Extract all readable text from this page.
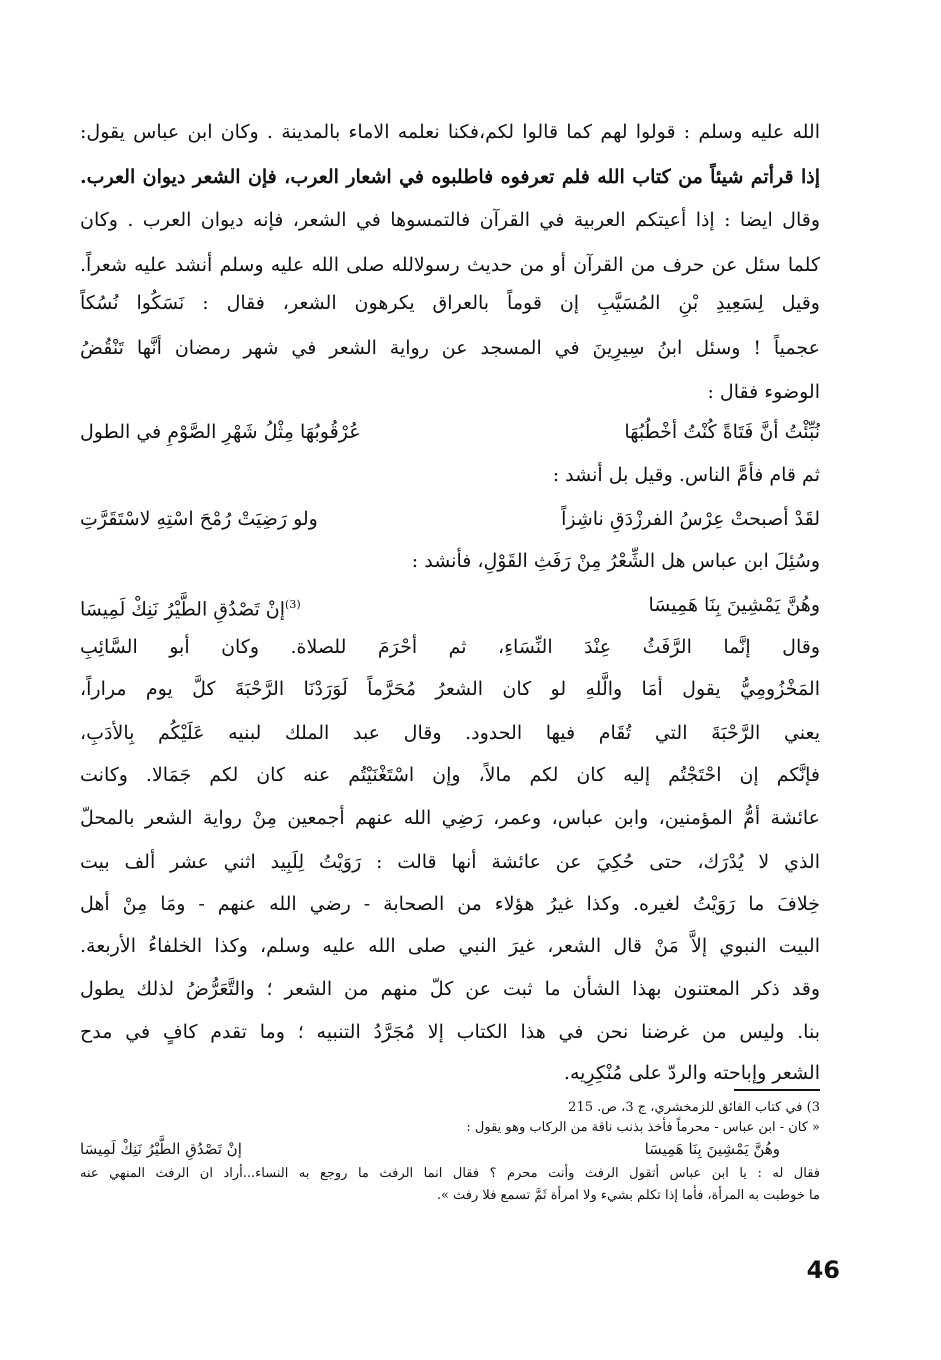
الله عليه وسلم : قولوا لهم كما قالوا لكم،فكنا نعلمه الاماء بالمدينة . وكان ابن عباس يقول:
إذا قرأتم شيئاً من كتاب الله فلم تعرفوه فاطلبوه في اشعار العرب، فإن الشعر ديوان العرب.
وقال ايضا : إذا أعيتكم العربية في القرآن فالتمسوها في الشعر، فإنه ديوان العرب . وكان
كلما سئل عن حرف من القرآن أو من حديث رسولالله صلى الله عليه وسلم أنشد عليه شعراً.
وقيل لِسَعِيدِ بْنِ المُسَيَّبِ إن قوماً بالعراق يكرهون الشعر، فقال : نَسَكُوا نُسُكاً
عجمياً ! وسئل ابنُ سِيرِينَ في المسجد عن رواية الشعر في شهر رمضان أنَّها تَنْقُضُ
الوضوء فقال :
نُبِّئْتُ أنَّ فَتَاةً كُنْتُ أخْطُبُهَا
عُرْقُوبُهَا مِثْلُ شَهْرِ الصَّوْمِ في الطول
ثم قام فأمَّ الناس. وقيل بل أنشد :
لقَدْ أصبحتْ عِرْسُ الفرزْدَقِ ناشِزاً
ولو رَضِيَتْ رُمْحَ اسْتِهِ لاسْتَقَرَّتِ
وسُئِلَ ابن عباس هل الشِّعْرُ مِنْ رَفَثِ القَوْلِ، فأنشد :
وهُنَّ يَمْشِينَ بِنَا هَمِيسَا
$^{(3)}$إنْ تَصْدُقِ الطَّيْرُ نَنِكْ لَمِيسَا
وقال إنَّما الرَّفَثُ عِنْدَ النِّسَاءِ، ثم أحْرَمَ للصلاة. وكان أبو السَّائِبِ
المَخْزُومِيُّ يقول أمَا والَّلهِ لو كان الشعرُ مُحَرَّماً لَوَرَدْنَا الرَّحْبَةَ كلَّ يوم مراراً،
يعني الرَّحْبَةَ التي تُقَام فيها الحدود. وقال عبد الملك لبنيه عَلَيْكُم بِالأدَبِ،
فإنَّكم إن احْتَجْتُم إليه كان لكم مالاً، وإن اسْتَغْنَيْتُم عنه كان لكم جَمَالا. وكانت
عائشة أمُّ المؤمنين، وابن عباس، وعمر، رَضِي الله عنهم أجمعين مِنْ رواية الشعر بالمحلّ
الذي لا يُدْرَك، حتى حُكِيَ عن عائشة أنها قالت : رَوَيْتُ لِلَبِيد اثني عشر ألف بيت
خِلافَ ما رَوَيْتُ لغيره. وكذا غيرُ هؤلاء من الصحابة - رضي الله عنهم - ومَا مِنْ أهل
البيت النبوي إلاَّ مَنْ قال الشعر، غيرَ النبي صلى الله عليه وسلم، وكذا الخلفاءُ الأربعة.
وقد ذكر المعتنون بهذا الشأن ما ثبت عن كلّ منهم من الشعر ؛ والتَّعَرُّضُ لذلك يطول
بنا. وليس من غرضنا نحن في هذا الكتاب إلا مُجَرَّدُ التنبيه ؛ وما تقدم كافٍ في مدح
الشعر وإباحته والردّ على مُنْكِرِيه.
3) في كتاب الفائق للزمخشري، ج 3، ص. 215
« كان - ابن عباس - محرماً فأخذ بذنب ناقة من الركاب وهو يقول :
وهُنَّ يَمْشِينَ بِنَا هَمِيسَا
إنْ تَصْدُقِ الطَّيْرُ نَنِكْ لَمِيسَا
فقال له : يا ابن عباس أتقول الرفث وأنت محرم ؟ فقال انما الرفث ما روجع به النساء...أراد ان الرفث المنهي عنه
ما خوطبت به المرأة، فأما إذا تكلم بشيء ولا امرأة ثَمَّ تسمع فلا رفث ».
46
